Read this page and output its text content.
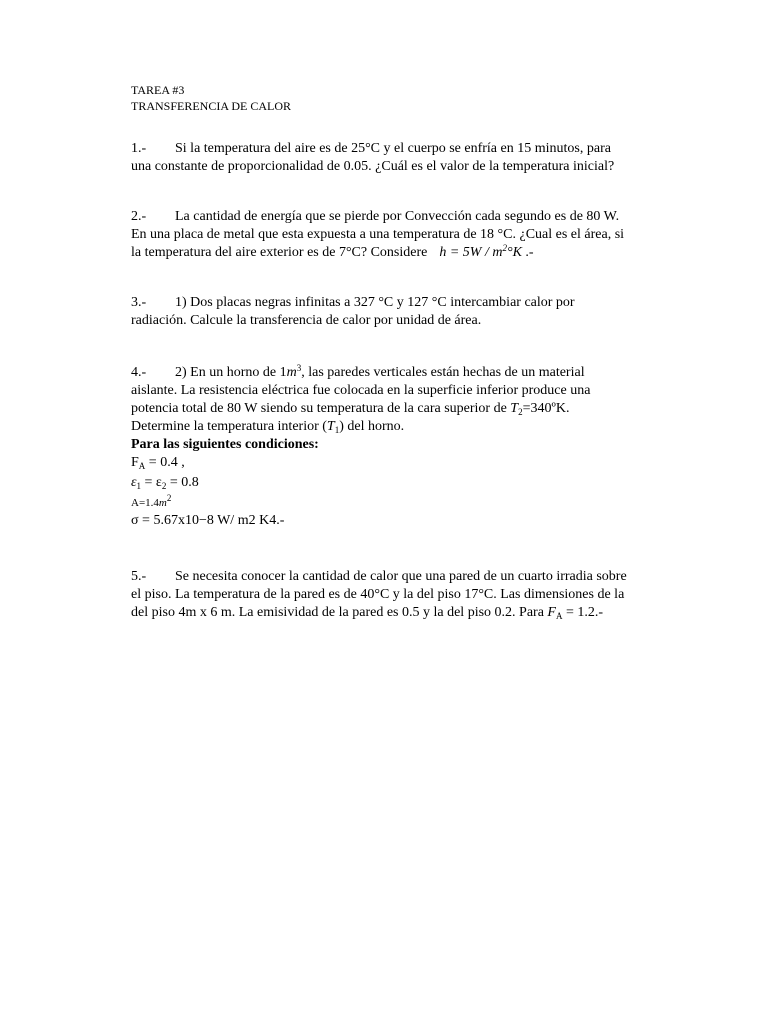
TAREA #3
TRANSFERENCIA DE CALOR
1.- Si la temperatura del aire es de 25°C y el cuerpo se enfría en 15 minutos, para
una constante de proporcionalidad de 0.05. ¿Cuál es el valor de la temperatura inicial?
2.- La cantidad de energía que se pierde por Convección cada segundo es de 80 W.
En una placa de metal que esta expuesta a una temperatura de 18 °C. ¿Cual es el área, si
la temperatura del aire exterior es de 7°C? Considere $h = 5W / m^2^\circ K$ .-
3.- 1) Dos placas negras infinitas a 327 °C y 127 °C intercambiar calor por
radiación. Calcule la transferencia de calor por unidad de área.
4.- 2) En un horno de $1m^3$, las paredes verticales están hechas de un material
aislante. La resistencia eléctrica fue colocada en la superficie inferior produce una
potencia total de 80 W siendo su temperatura de la cara superior de $T_2=340ºK$.
Determine la temperatura interior $(T_1)$ del horno.
Para las siguientes condiciones:
$F_A = 0.4$ ,
$\varepsilon_1 = \varepsilon_2 = 0.8$
$A=1.4m^2$
σ = 5.67x10−8 W/ m2 K4.-
5.- Se necesita conocer la cantidad de calor que una pared de un cuarto irradia sobre
el piso. La temperatura de la pared es de 40°C y la del piso 17°C. Las dimensiones de la
del piso 4m x 6 m. La emisividad de la pared es 0.5 y la del piso 0.2. Para $F_A = 1.2.-$
